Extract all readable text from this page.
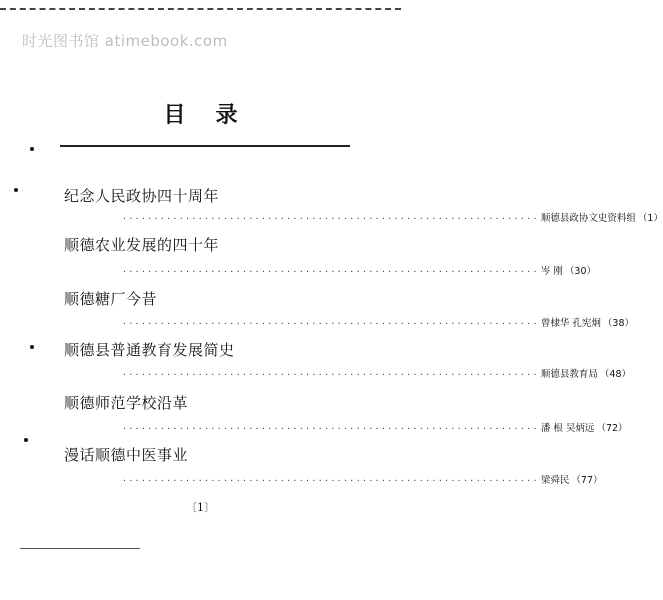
时光图书馆 atimebook.com
目录
纪念人民政协四十周年
·································································· 顺德县政协文史资料组 （1）
顺德农业发展的四十年
·································································· 岑 刚 （30）
顺德糖厂今昔
·································································· 曾棣华 孔宪炯 （38）
顺德县普通教育发展简史
·································································· 顺德县教育局 （48）
顺德师范学校沿革
·································································· 潘 根 吴炳远 （72）
漫话顺德中医事业
·································································· 梁舜民 （77）
〔1〕
